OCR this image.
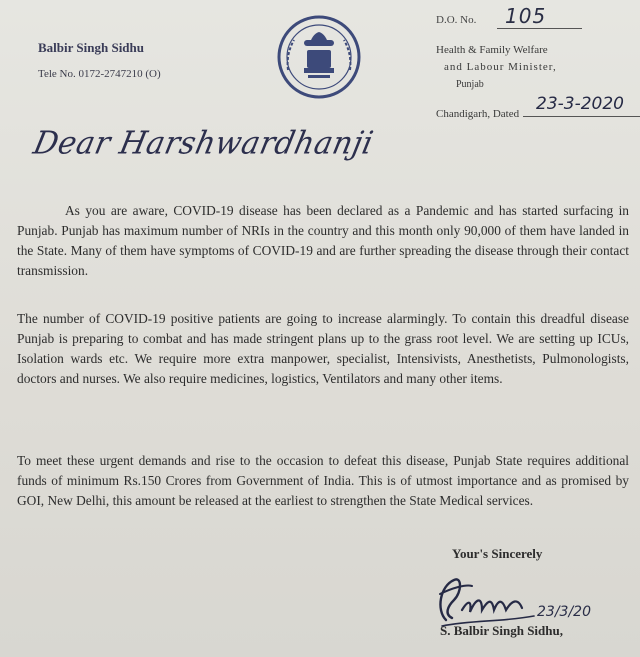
Balbir Singh Sidhu
Tele No. 0172-2747210 (O)
D.O. No. 105
Health & Family Welfare
and Labour Minister,
Punjab
Chandigarh, Dated 23-3-2020
Dear Harshwardhanji

As you are aware, COVID-19 disease has been declared as a Pandemic and has started surfacing in Punjab. Punjab has maximum number of NRIs in the country and this month only 90,000 of them have landed in the State. Many of them have symptoms of COVID-19 and are further spreading the disease through their contact transmission.

The number of COVID-19 positive patients are going to increase alarmingly. To contain this dreadful disease Punjab is preparing to combat and has made stringent plans up to the grass root level. We are setting up ICUs, Isolation wards etc. We require more extra manpower, specialist, Intensivists, Anesthetists, Pulmonologists, doctors and nurses. We also require medicines, logistics, Ventilators and many other items.

To meet these urgent demands and rise to the occasion to defeat this disease, Punjab State requires additional funds of minimum Rs.150 Crores from Government of India. This is of utmost importance and as promised by GOI, New Delhi, this amount be released at the earliest to strengthen the State Medical services.

Your's Sincerely
23/3/20
S. Balbir Singh Sidhu,
